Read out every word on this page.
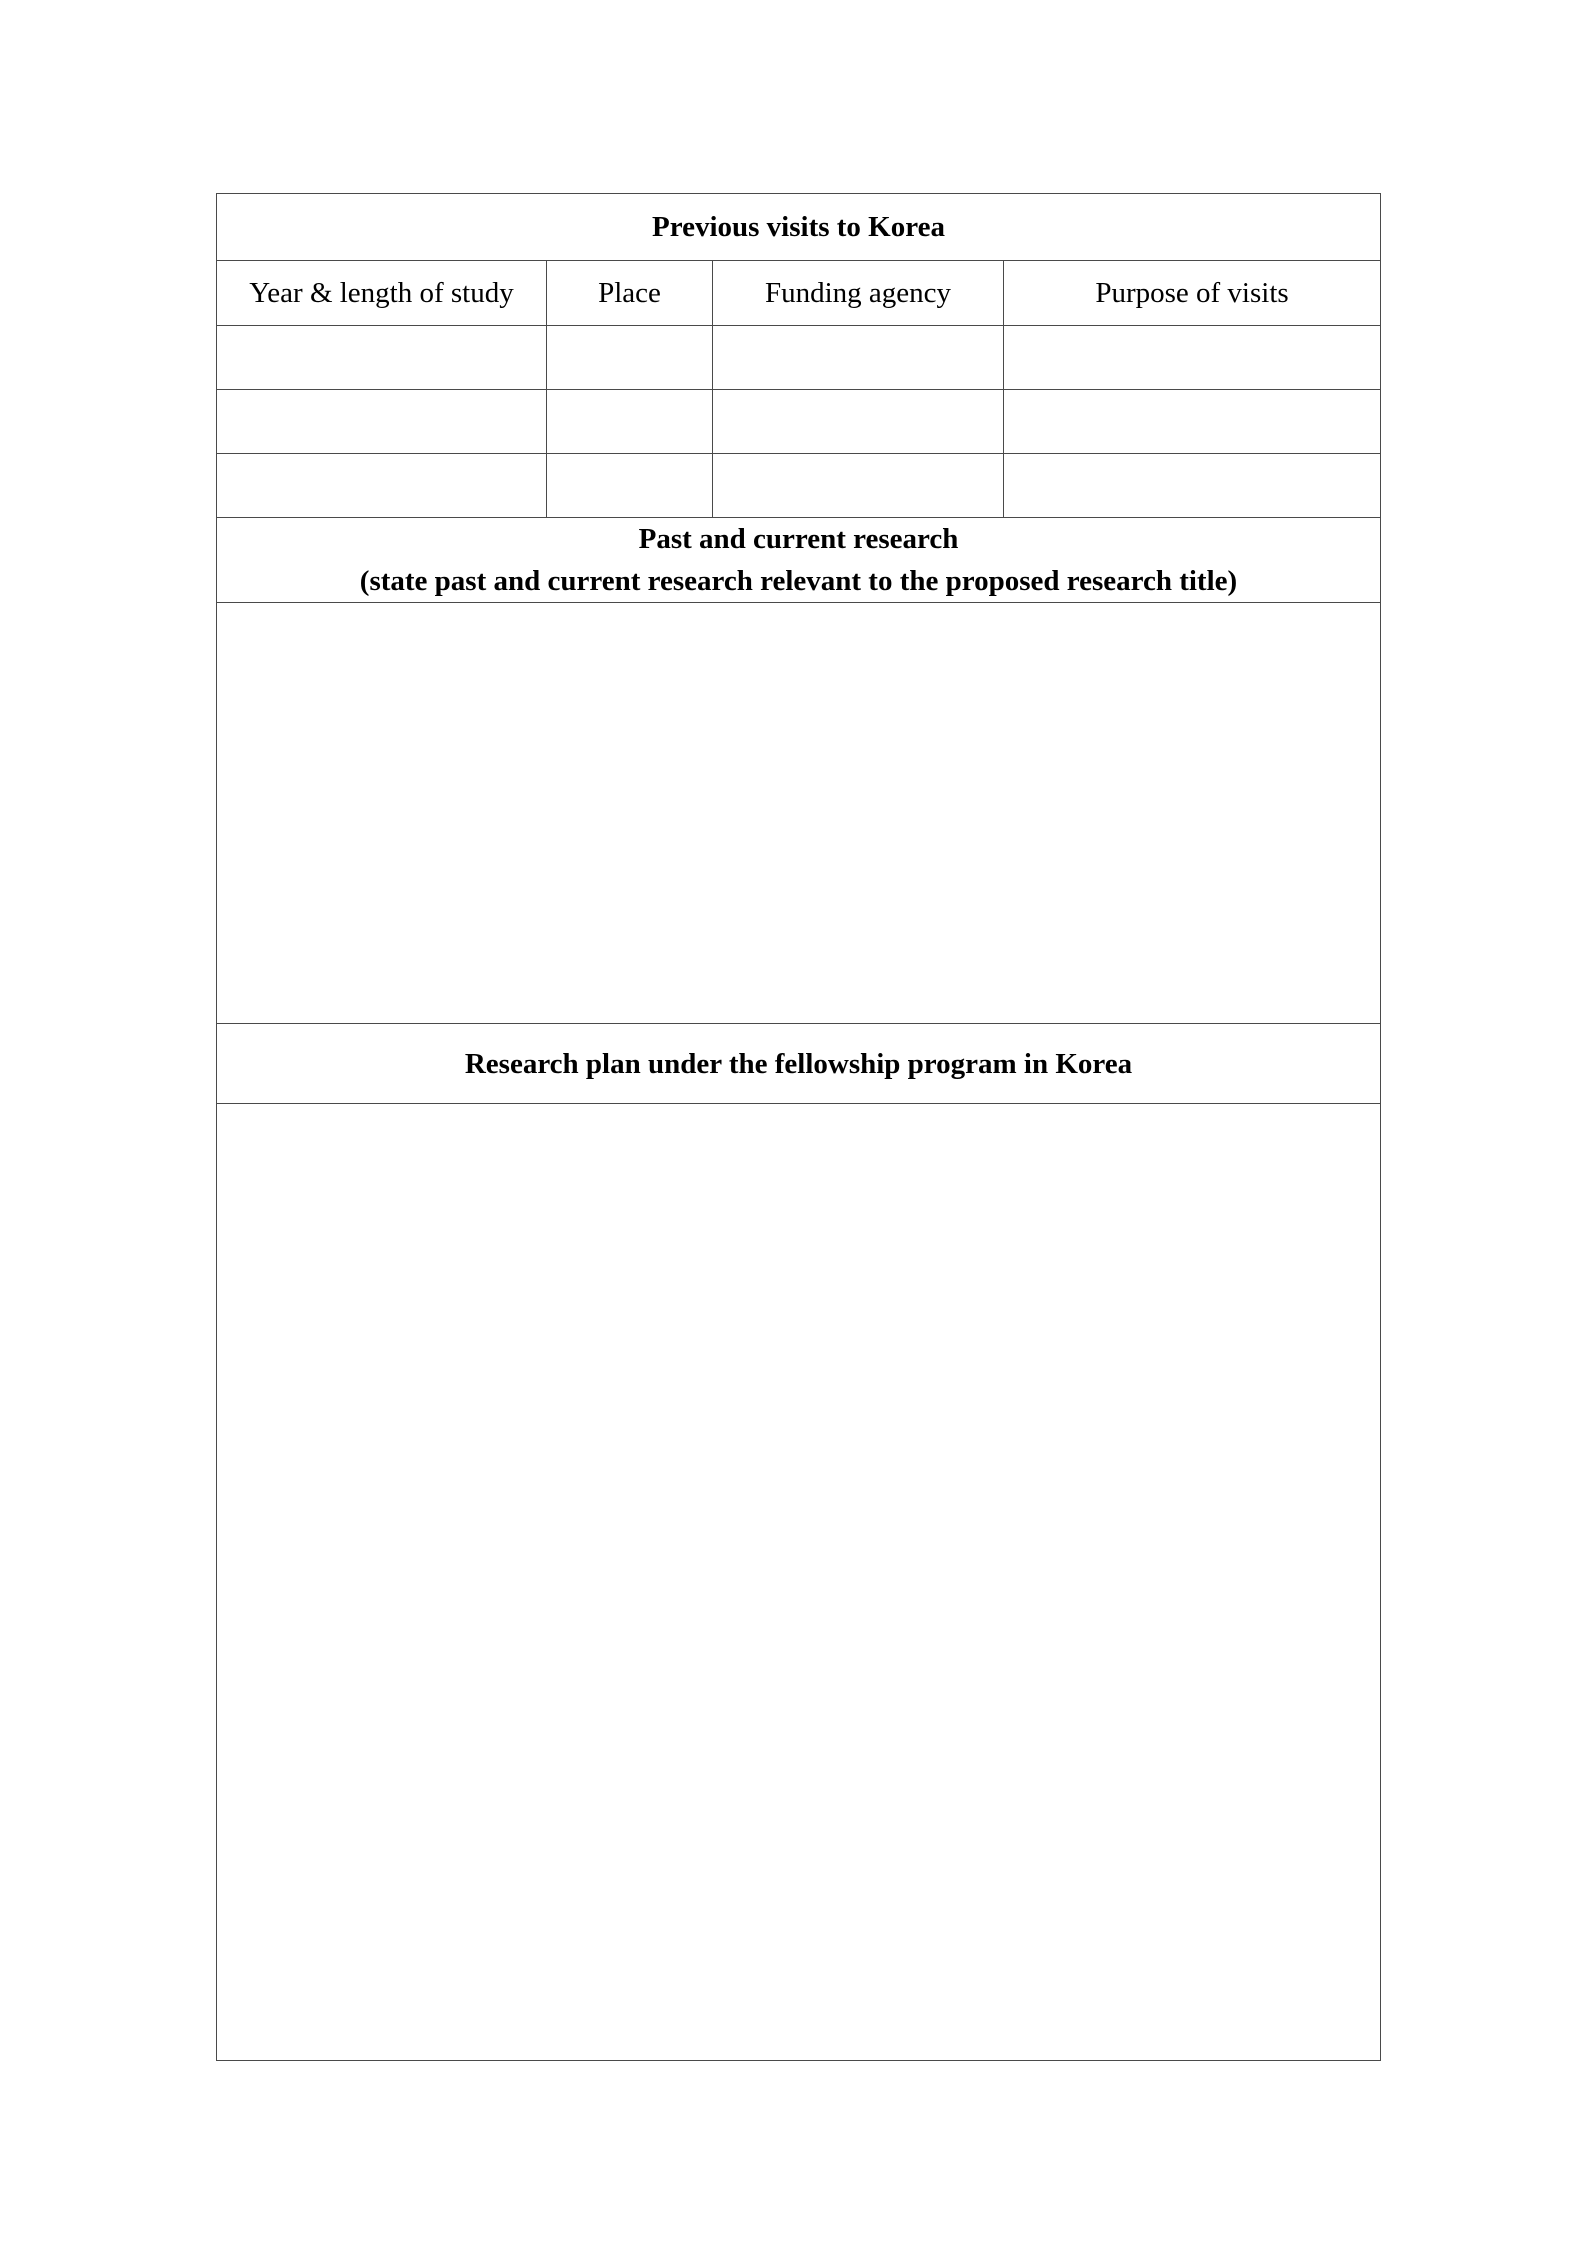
Previous visits to Korea			
Year & length of study	Place	Funding agency	Purpose of visits

Past and current research
(state past and current research relevant to the proposed research title)			

Research plan under the fellowship program in Korea			
